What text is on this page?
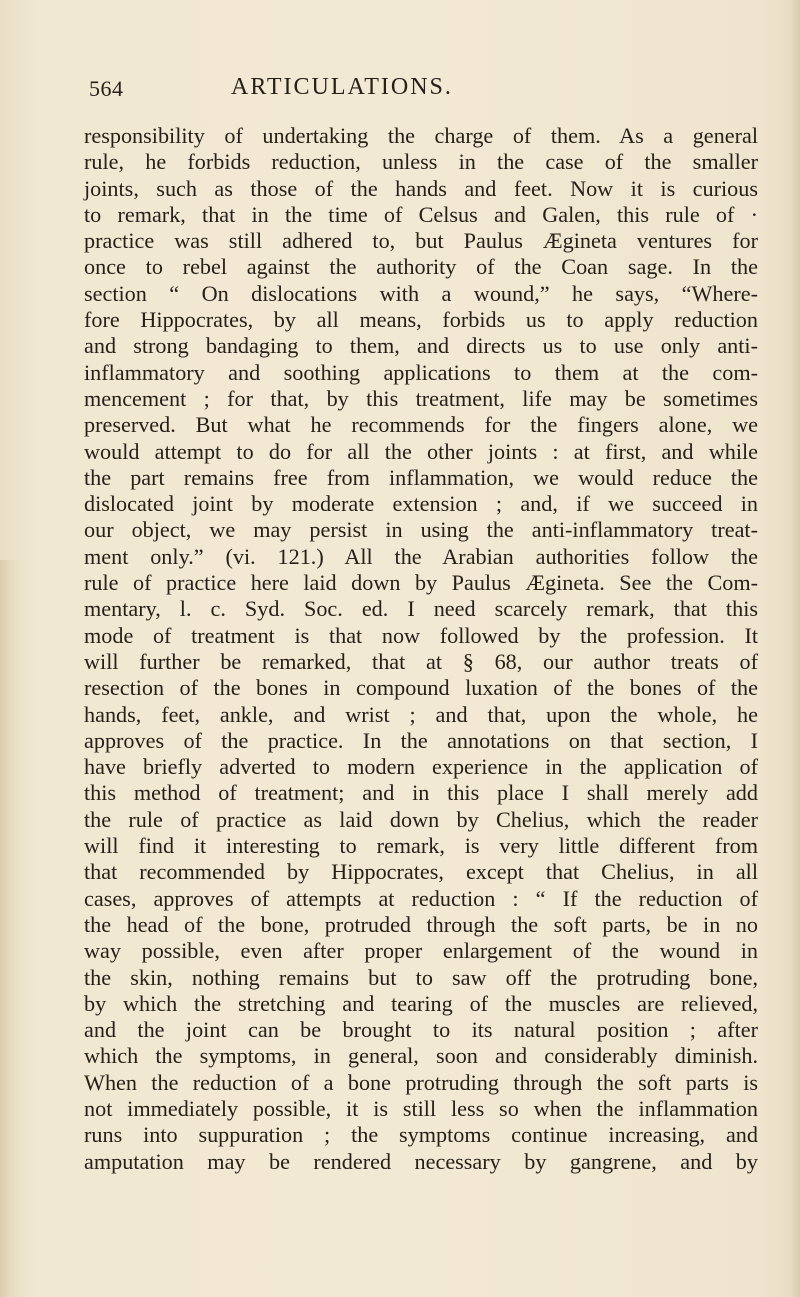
564	ARTICULATIONS.
responsibility of undertaking the charge of them. As a general
rule, he forbids reduction, unless in the case of the smaller
joints, such as those of the hands and feet. Now it is curious
to remark, that in the time of Celsus and Galen, this rule of ·
practice was still adhered to, but Paulus Ægineta ventures for
once to rebel against the authority of the Coan sage. In the
section “ On dislocations with a wound,” he says, “Where-
fore Hippocrates, by all means, forbids us to apply reduction
and strong bandaging to them, and directs us to use only anti-
inflammatory and soothing applications to them at the com-
mencement ; for that, by this treatment, life may be sometimes
preserved. But what he recommends for the fingers alone, we
would attempt to do for all the other joints : at first, and while
the part remains free from inflammation, we would reduce the
dislocated joint by moderate extension ; and, if we succeed in
our object, we may persist in using the anti-inflammatory treat-
ment only.” (vi. 121.) All the Arabian authorities follow the
rule of practice here laid down by Paulus Ægineta. See the Com-
mentary, l. c. Syd. Soc. ed. I need scarcely remark, that this
mode of treatment is that now followed by the profession. It
will further be remarked, that at § 68, our author treats of
resection of the bones in compound luxation of the bones of the
hands, feet, ankle, and wrist ; and that, upon the whole, he
approves of the practice. In the annotations on that section, I
have briefly adverted to modern experience in the application of
this method of treatment; and in this place I shall merely add
the rule of practice as laid down by Chelius, which the reader
will find it interesting to remark, is very little different from
that recommended by Hippocrates, except that Chelius, in all
cases, approves of attempts at reduction : “ If the reduction of
the head of the bone, protruded through the soft parts, be in no
way possible, even after proper enlargement of the wound in
the skin, nothing remains but to saw off the protruding bone,
by which the stretching and tearing of the muscles are relieved,
and the joint can be brought to its natural position ; after
which the symptoms, in general, soon and considerably diminish.
When the reduction of a bone protruding through the soft parts is
not immediately possible, it is still less so when the inflammation
runs into suppuration ; the symptoms continue increasing, and
amputation may be rendered necessary by gangrene, and by
